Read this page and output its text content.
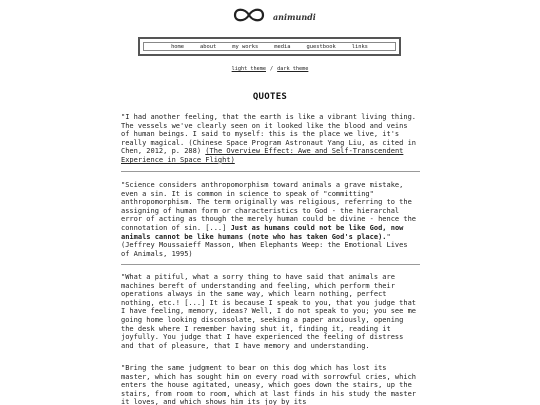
animundi
home	about	my works	media	guestbook	links
light theme / dark theme
QUOTES
"I had another feeling, that the earth is like a vibrant living thing. The vessels we've clearly seen on it looked like the blood and veins of human beings. I said to myself: this is the place we live, it's really magical. (Chinese Space Program Astronaut Yang Liu, as cited in Chen, 2012, p. 288) (The Overview Effect: Awe and Self-Transcendent Experience in Space Flight)
"Science considers anthropomorphism toward animals a grave mistake, even a sin. It is common in science to speak of "committing" anthropomorphism. The term originally was religious, referring to the assigning of human form or characteristics to God - the hierarchal error of acting as though the merely human could be divine - hence the connotation of sin. [...] Just as humans could not be like God, now animals cannot be like humans (note who has taken God's place)." (Jeffrey Moussaieff Masson, When Elephants Weep: the Emotional Lives of Animals, 1995)
"What a pitiful, what a sorry thing to have said that animals are machines bereft of understanding and feeling, which perform their operations always in the same way, which learn nothing, perfect nothing, etc.! [...] It is because I speak to you, that you judge that I have feeling, memory, ideas? Well, I do not speak to you; you see me going home looking disconsolate, seeking a paper anxiously, opening the desk where I remember having shut it, finding it, reading it joyfully. You judge that I have experienced the feeling of distress and that of pleasure, that I have memory and understanding.
"Bring the same judgment to bear on this dog which has lost its master, which has sought him on every road with sorrowful cries, which enters the house agitated, uneasy, which goes down the stairs, up the stairs, from room to room, which at last finds in his study the master it loves, and which shows him its joy by its
